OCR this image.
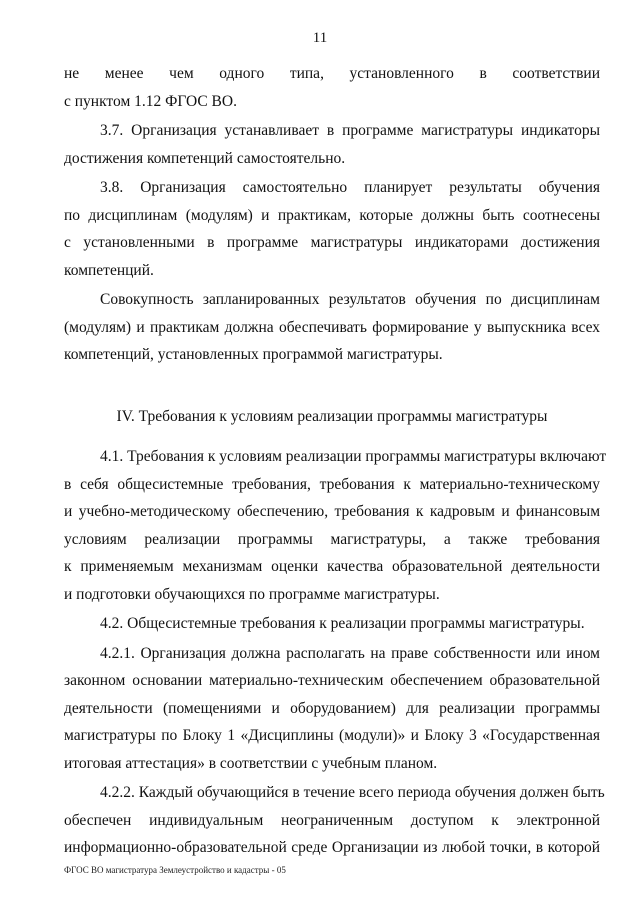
11
не менее чем одного типа, установленного в соответствии
с пунктом 1.12 ФГОС ВО.
3.7. Организация устанавливает в программе магистратуры индикаторы
достижения компетенций самостоятельно.
3.8. Организация самостоятельно планирует результаты обучения
по дисциплинам (модулям) и практикам, которые должны быть соотнесены
с установленными в программе магистратуры индикаторами достижения
компетенций.
Совокупность запланированных результатов обучения по дисциплинам
(модулям) и практикам должна обеспечивать формирование у выпускника всех
компетенций, установленных программой магистратуры.
IV. Требования к условиям реализации программы магистратуры
4.1. Требования к условиям реализации программы магистратуры включают
в себя общесистемные требования, требования к материально-техническому
и учебно-методическому обеспечению, требования к кадровым и финансовым
условиям реализации программы магистратуры, а также требования
к применяемым механизмам оценки качества образовательной деятельности
и подготовки обучающихся по программе магистратуры.
4.2. Общесистемные требования к реализации программы магистратуры.
4.2.1. Организация должна располагать на праве собственности или ином
законном основании материально-техническим обеспечением образовательной
деятельности (помещениями и оборудованием) для реализации программы
магистратуры по Блоку 1 «Дисциплины (модули)» и Блоку 3 «Государственная
итоговая аттестация» в соответствии с учебным планом.
4.2.2. Каждый обучающийся в течение всего периода обучения должен быть
обеспечен индивидуальным неограниченным доступом к электронной
информационно-образовательной среде Организации из любой точки, в которой
ФГОС ВО магистратура Землеустройство и кадастры - 05
